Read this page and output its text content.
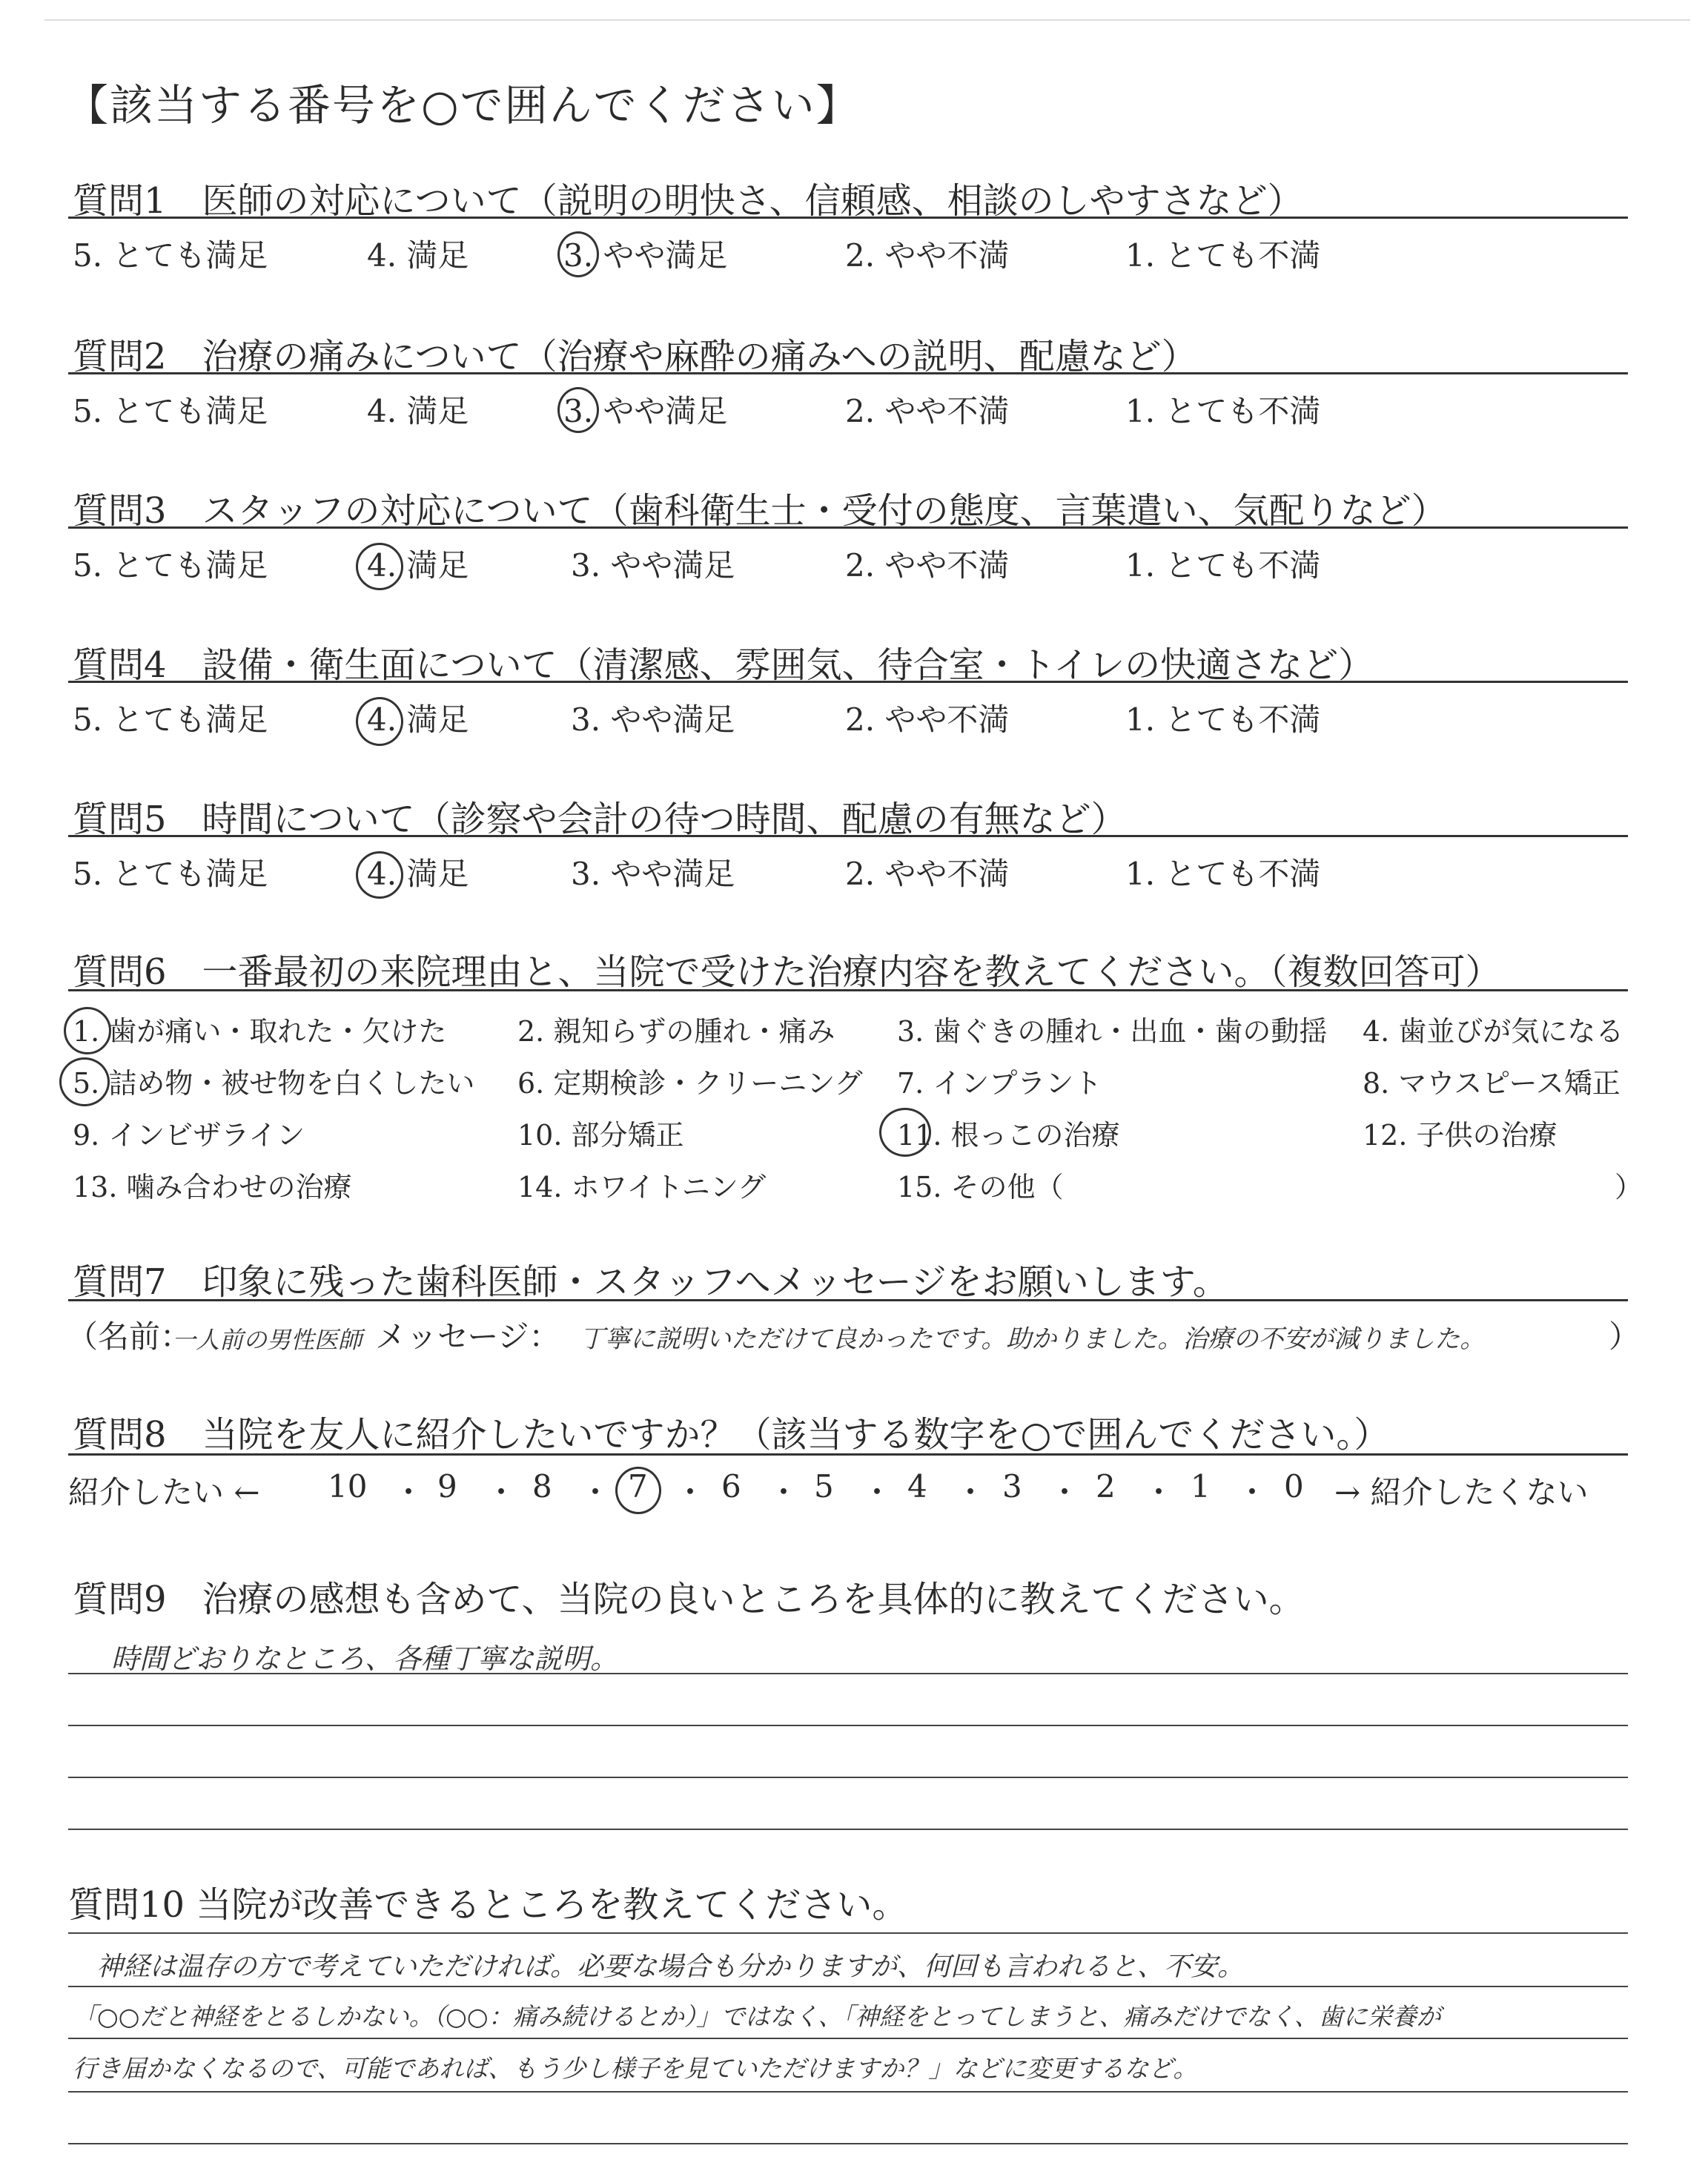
【該当する番号を○で囲んでください】
質問1　医師の対応について（説明の明快さ、信頼感、相談のしやすさなど）
5. とても満足	4. 満足	3. やや満足	2. やや不満	1. とても不満
質問2　治療の痛みについて（治療や麻酔の痛みへの説明、配慮など）
5. とても満足	4. 満足	3. やや満足	2. やや不満	1. とても不満
質問3　スタッフの対応について（歯科衛生士・受付の態度、言葉遣い、気配りなど）
5. とても満足	4. 満足	3. やや満足	2. やや不満	1. とても不満
質問4　設備・衛生面について（清潔感、雰囲気、待合室・トイレの快適さなど）
5. とても満足	4. 満足	3. やや満足	2. やや不満	1. とても不満
質問5　時間について（診察や会計の待つ時間、配慮の有無など）
5. とても満足	4. 満足	3. やや満足	2. やや不満	1. とても不満
質問6　一番最初の来院理由と、当院で受けた治療内容を教えてください。（複数回答可）
1. 歯が痛い・取れた・欠けた	2. 親知らずの腫れ・痛み 3. 歯ぐきの腫れ・出血・歯の動揺 4. 歯並びが気になる
5. 詰め物・被せ物を白くしたい 6. 定期検診・クリーニング 7. インプラント	8. マウスピース矯正
9. インビザライン	10. 部分矯正	11. 根っこの治療	12. 子供の治療
13. 噛み合わせの治療	14. ホワイトニング	15. その他（	）
質問7　印象に残った歯科医師・スタッフへメッセージをお願いします。
（名前：
一人前の男性医師 メッセージ： 丁寧に説明いただけて良かったです。助かりました。治療の不安が減りました。	）
質問8　当院を友人に紹介したいですか？（該当する数字を○で囲んでください。）
紹介したい ← 10 ・ 9 ・ 8 ・ 7 ・ 6 ・ 5 ・ 4 ・ 3 ・ 2 ・ 1 ・ 0 → 紹介したくない
質問9　治療の感想も含めて、当院の良いところを具体的に教えてください。
時間どおりなところ、各種丁寧な説明。
質問10 当院が改善できるところを教えてください。
神経は温存の方で考えていただければ。必要な場合も分かりますが、何回も言われると、不安。
「○○だと神経をとるしかない。（○○：痛み続けるとか）」ではなく、「神経をとってしまうと、痛みだけでなく、歯に栄養が
行き届かなくなるので、可能であれば、もう少し様子を見ていただけますか？」などに変更するなど。
